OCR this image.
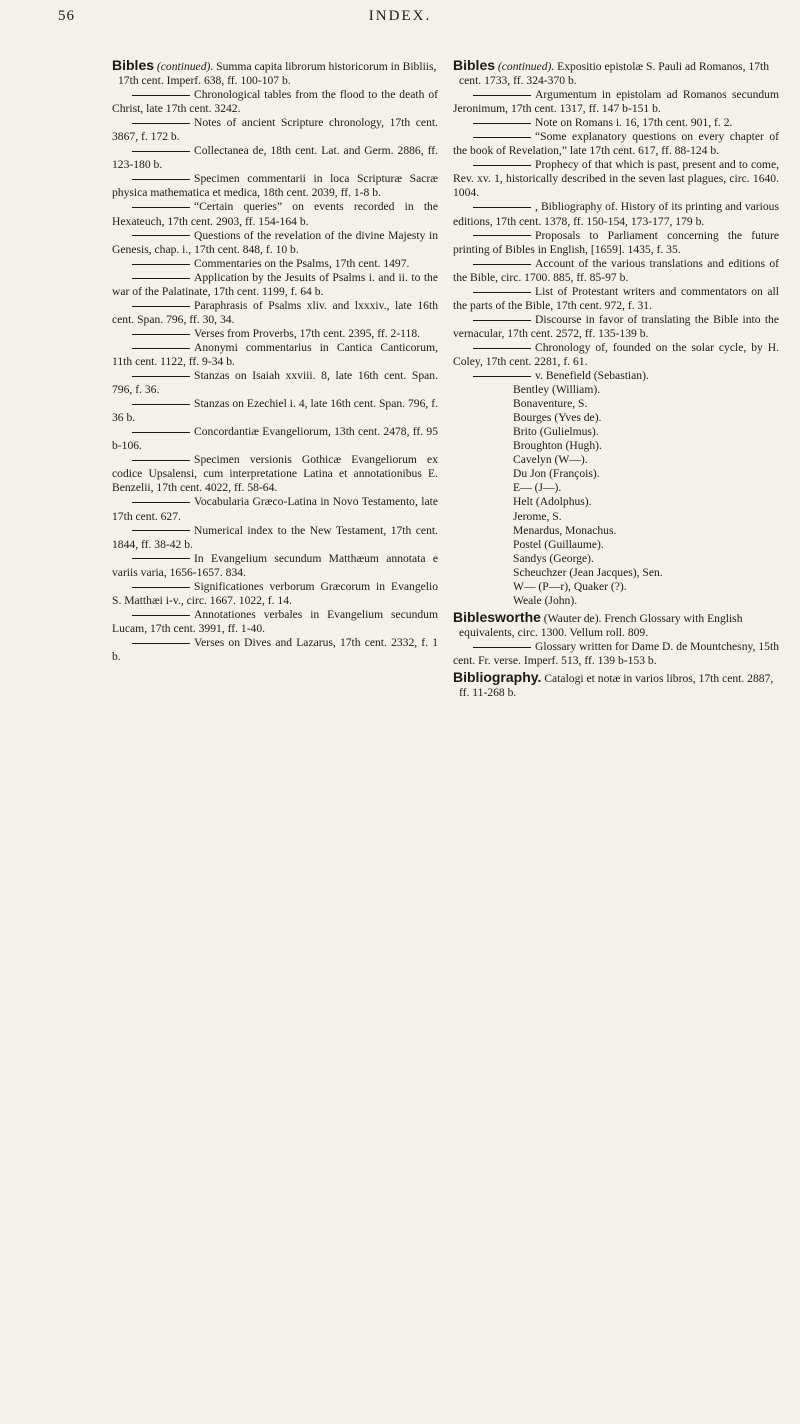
56	INDEX.

Bibles (continued). Summa capita librorum historicorum in Bibliis, 17th cent. Imperf. 638, ff. 100-107 b.

Chronological tables from the flood to the death of Christ, late 17th cent. 3242.

Notes of ancient Scripture chronology, 17th cent. 3867, f. 172 b.

Collectanea de, 18th cent. Lat. and Germ. 2886, ff. 123-180 b.

Specimen commentarii in loca Scripturæ Sacræ physica mathematica et medica, 18th cent. 2039, ff. 1-8 b.

“Certain queries” on events recorded in the Hexateuch, 17th cent. 2903, ff. 154-164 b.

Questions of the revelation of the divine Majesty in Genesis, chap. i., 17th cent. 848, f. 10 b.

Commentaries on the Psalms, 17th cent. 1497.

Application by the Jesuits of Psalms i. and ii. to the war of the Palatinate, 17th cent. 1199, f. 64 b.

Paraphrasis of Psalms xliv. and lxxxiv., late 16th cent. Span. 796, ff. 30, 34.

Verses from Proverbs, 17th cent. 2395, ff. 2-118.

Anonymi commentarius in Cantica Canticorum, 11th cent. 1122, ff. 9-34 b.

Stanzas on Isaiah xxviii. 8, late 16th cent. Span. 796, f. 36.

Stanzas on Ezechiel i. 4, late 16th cent. Span. 796, f. 36 b.

Concordantiæ Evangeliorum, 13th cent. 2478, ff. 95 b-106.

Specimen versionis Gothicæ Evangeliorum ex codice Upsalensi, cum interpretatione Latina et annotationibus E. Benzelii, 17th cent. 4022, ff. 58-64.

Vocabularia Græco-Latina in Novo Testamento, late 17th cent. 627.

Numerical index to the New Testament, 17th cent. 1844, ff. 38-42 b.

In Evangelium secundum Matthæum annotata e variis varia, 1656-1657. 834.

Significationes verborum Græcorum in Evangelio S. Matthæi i-v., circ. 1667. 1022, f. 14.

Annotationes verbales in Evangelium secundum Lucam, 17th cent. 3991, ff. 1-40.

Verses on Dives and Lazarus, 17th cent. 2332, f. 1 b.

Bibles (continued). Expositio epistolæ S. Pauli ad Romanos, 17th cent. 1733, ff. 324-370 b.

Argumentum in epistolam ad Romanos secundum Jeronimum, 17th cent. 1317, ff. 147 b-151 b.

Note on Romans i. 16, 17th cent. 901, f. 2.

“Some explanatory questions on every chapter of the book of Revelation,” late 17th cent. 617, ff. 88-124 b.

Prophecy of that which is past, present and to come, Rev. xv. 1, historically described in the seven last plagues, circ. 1640. 1004.

, Bibliography of. History of its printing and various editions, 17th cent. 1378, ff. 150-154, 173-177, 179 b.

Proposals to Parliament concerning the future printing of Bibles in English, [1659]. 1435, f. 35.

Account of the various translations and editions of the Bible, circ. 1700. 885, ff. 85-97 b.

List of Protestant writers and commentators on all the parts of the Bible, 17th cent. 972, f. 31.

Discourse in favor of translating the Bible into the vernacular, 17th cent. 2572, ff. 135-139 b.

Chronology of, founded on the solar cycle, by H. Coley, 17th cent. 2281, f. 61.

v. Benefield (Sebastian).

Bentley (William).
Bonaventure, S.
Bourges (Yves de).
Brito (Gulielmus).
Broughton (Hugh).
Cavelyn (W—).
Du Jon (François).
E— (J—).
Helt (Adolphus).
Jerome, S.
Menardus, Monachus.
Postel (Guillaume).
Sandys (George).
Scheuchzer (Jean Jacques), Sen.
W— (P—r), Quaker (?).
Weale (John).

Biblesworthe (Wauter de). French Glossary with English equivalents, circ. 1300. Vellum roll. 809.

Glossary written for Dame D. de Mountchesny, 15th cent. Fr. verse. Imperf. 513, ff. 139 b-153 b.

Bibliography. Catalogi et notæ in varios libros, 17th cent. 2887, ff. 11-268 b.
